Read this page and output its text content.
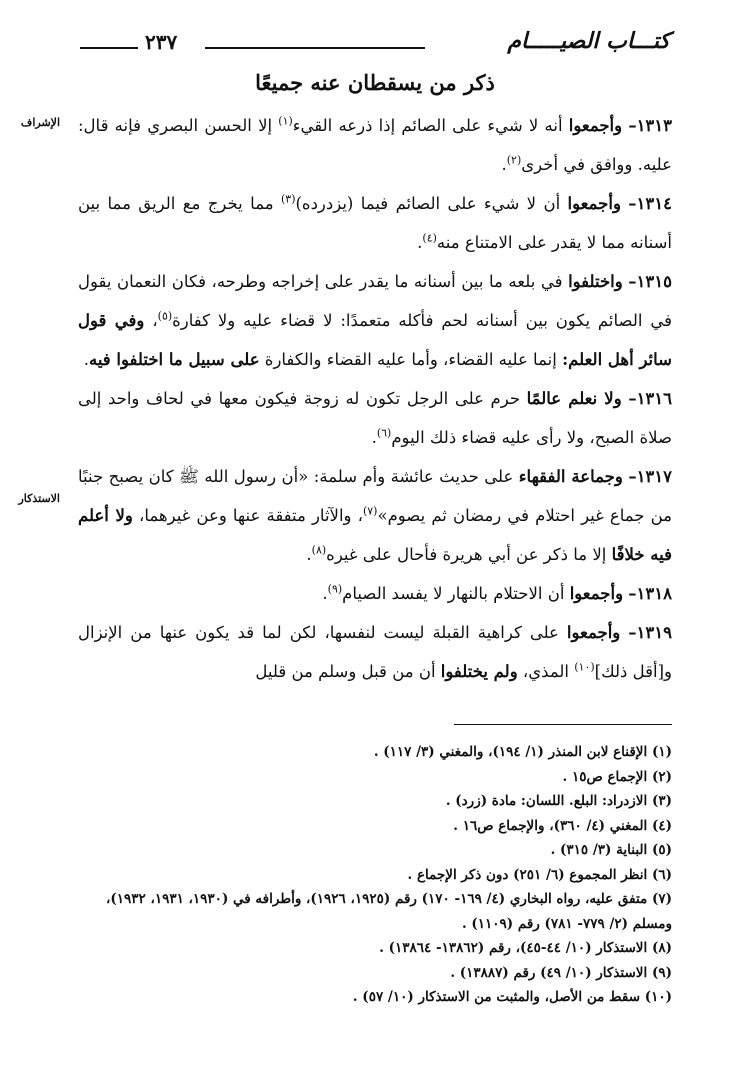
كتـــاب الصيـــــام
٢٣٧
ذكر من يسقطان عنه جميعًا
الإشراف
الاستذكار

١٣١٣– وأجمعوا أنه لا شيء على الصائم إذا ذرعه القيء$^{(١)}$ إلا الحسن البصري فإنه قال: عليه. ووافق في أخرى$^{(٢)}$.

١٣١٤– وأجمعوا أن لا شيء على الصائم فيما (يزدرده)$^{(٣)}$ مما يخرج مع الريق مما بين أسنانه مما لا يقدر على الامتناع منه$^{(٤)}$.

١٣١٥– واختلفوا في بلعه ما بين أسنانه ما يقدر على إخراجه وطرحه، فكان النعمان يقول في الصائم يكون بين أسنانه لحم فأكله متعمدًا: لا قضاء عليه ولا كفارة$^{(٥)}$، وفي قول سائر أهل العلم: إنما عليه القضاء، وأما عليه القضاء والكفارة على سبيل ما اختلفوا فيه.

١٣١٦– ولا نعلم عالمًا حرم على الرجل تكون له زوجة فيكون معها في لحاف واحد إلى صلاة الصبح، ولا رأى عليه قضاء ذلك اليوم$^{(٦)}$.

١٣١٧– وجماعة الفقهاء على حديث عائشة وأم سلمة: «أن رسول الله ﷺ كان يصبح جنبًا من جماع غير احتلام في رمضان ثم يصوم»$^{(٧)}$، والآثار متفقة عنها وعن غيرهما، ولا أعلم فيه خلافًا إلا ما ذكر عن أبي هريرة فأحال على غيره$^{(٨)}$.

١٣١٨– وأجمعوا أن الاحتلام بالنهار لا يفسد الصيام$^{(٩)}$.

١٣١٩– وأجمعوا على كراهية القبلة ليست لنفسها، لكن لما قد يكون عنها من الإنزال و[أقل ذلك]$^{(١٠)}$ المذي، ولم يختلفوا أن من قبل وسلم من قليل

(١) الإقناع لابن المنذر (١/ ١٩٤)، والمغني (٣/ ١١٧) .

(٢) الإجماع ص١٥ .

(٣) الازدراد: البلع. اللسان: مادة (زرد) .

(٤) المغني (٤/ ٣٦٠)، والإجماع ص١٦ .

(٥) البناية (٣/ ٣١٥) .

(٦) انظر المجموع (٦/ ٢٥١) دون ذكر الإجماع .

(٧) متفق عليه، رواه البخاري (٤/ ١٦٩- ١٧٠) رقم (١٩٢٥، ١٩٢٦)، وأطرافه في (١٩٣٠، ١٩٣١، ١٩٣٢)، ومسلم (٢/ ٧٧٩- ٧٨١) رقم (١١٠٩) .

(٨) الاستذكار (١٠/ ٤٤-٤٥)، رقم (١٣٨٦٢- ١٣٨٦٤) .

(٩) الاستذكار (١٠/ ٤٩) رقم (١٣٨٨٧) .

(١٠) سقط من الأصل، والمثبت من الاستذكار (١٠/ ٥٧) .
